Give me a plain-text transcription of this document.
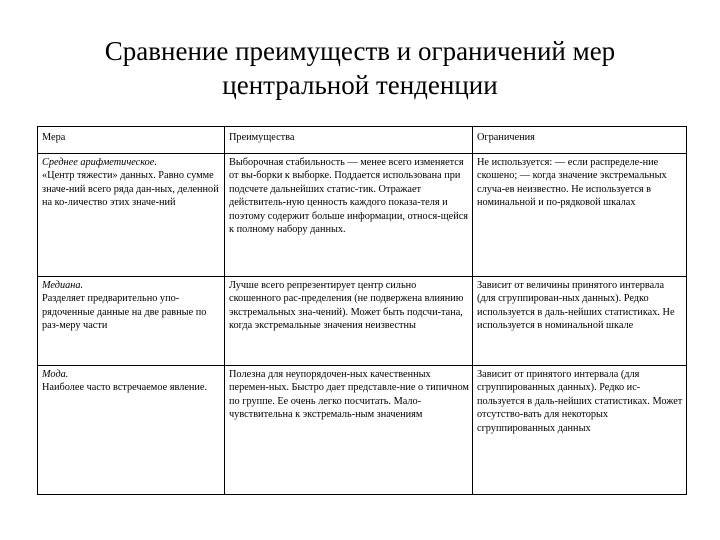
Сравнение преимуществ и ограничений мер
центральной тенденции
Мера	Преимущества	Ограничения

Среднее арифметическое.
«Центр тяжести» данных. Равно сумме значе-ний всего ряда дан-ных, деленной на ко-личество этих значе-ний	Выборочная стабильность — менее всего изменяется от вы-борки к выборке. Поддается использована при подсчете дальнейших статис-тик. Отражает действитель-ную ценность каждого показа-теля и поэтому содержит больше информации, относя-щейся к полному набору данных.	Не используется: — если распределе-ние скошено; — когда значение экстремальных случа-ев неизвестно. Не используется в номинальной и по-рядковой шкалах

Медиана.
Разделяет предварительно упо-рядоченные данные на две равные по раз-меру части	Лучше всего репрезентирует центр сильно скошенного рас-пределения (не подвержена влиянию экстремальных зна-чений). Может быть подсчи-тана, когда экстремальные значения неизвестны	Зависит от величины принятого интервала (для сгруппирован-ных данных). Редко используется в даль-нейших статистиках. Не используется в номинальной шкале

Мода.
Наиболее часто встречаемое явление.	Полезна для неупорядочен-ных качественных перемен-ных. Быстро дает представле-ние о типичном по группе. Ее очень легко посчитать. Мало-чувствительна к экстремаль-ным значениям	Зависит от принятого интервала (для сгруппированных данных). Редко ис-пользуется в даль-нейших статистиках. Может отсутство-вать для некоторых сгруппированных данных
